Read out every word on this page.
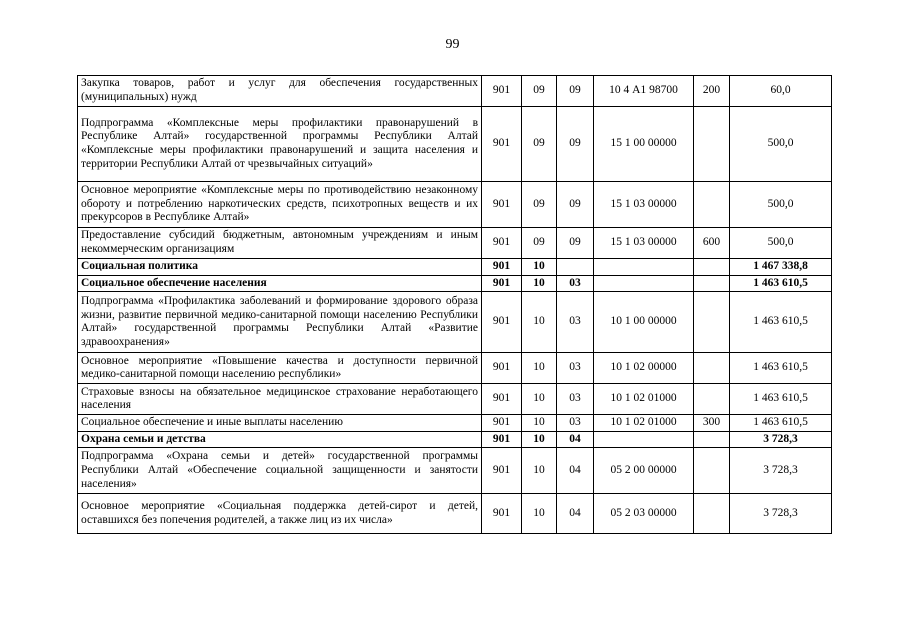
99
Закупка товаров, работ и услуг для обеспечения государственных (муниципальных) нужд	901	09	09	10 4 А1 98700	200	60,0
Подпрограмма «Комплексные меры профилактики правонарушений в Республике Алтай» государственной программы Республики Алтай «Комплексные меры профилактики правонарушений и защита населения и территории Республики Алтай от чрезвычайных ситуаций»	901	09	09	15 1 00 00000		500,0
Основное мероприятие «Комплексные меры по противодействию незаконному обороту и потреблению наркотических средств, психотропных веществ и их прекурсоров в Республике Алтай»	901	09	09	15 1 03 00000		500,0
Предоставление субсидий бюджетным, автономным учреждениям и иным некоммерческим организациям	901	09	09	15 1 03 00000	600	500,0
Социальная политика	901	10				1 467 338,8
Социальное обеспечение населения	901	10	03			1 463 610,5
Подпрограмма «Профилактика заболеваний и формирование здорового образа жизни, развитие первичной медико-санитарной помощи населению Республики Алтай» государственной программы Республики Алтай «Развитие здравоохранения»	901	10	03	10 1 00 00000		1 463 610,5
Основное мероприятие «Повышение качества и доступности первичной медико-санитарной помощи населению республики»	901	10	03	10 1 02 00000		1 463 610,5
Страховые взносы на обязательное медицинское страхование неработающего населения	901	10	03	10 1 02 01000		1 463 610,5
Социальное обеспечение и иные выплаты населению	901	10	03	10 1 02 01000	300	1 463 610,5
Охрана семьи и детства	901	10	04			3 728,3
Подпрограмма «Охрана семьи и детей» государственной программы Республики Алтай «Обеспечение социальной защищенности и занятости населения»	901	10	04	05 2 00 00000		3 728,3
Основное мероприятие «Социальная поддержка детей-сирот и детей, оставшихся без попечения родителей, а также лиц из их числа»	901	10	04	05 2 03 00000		3 728,3
